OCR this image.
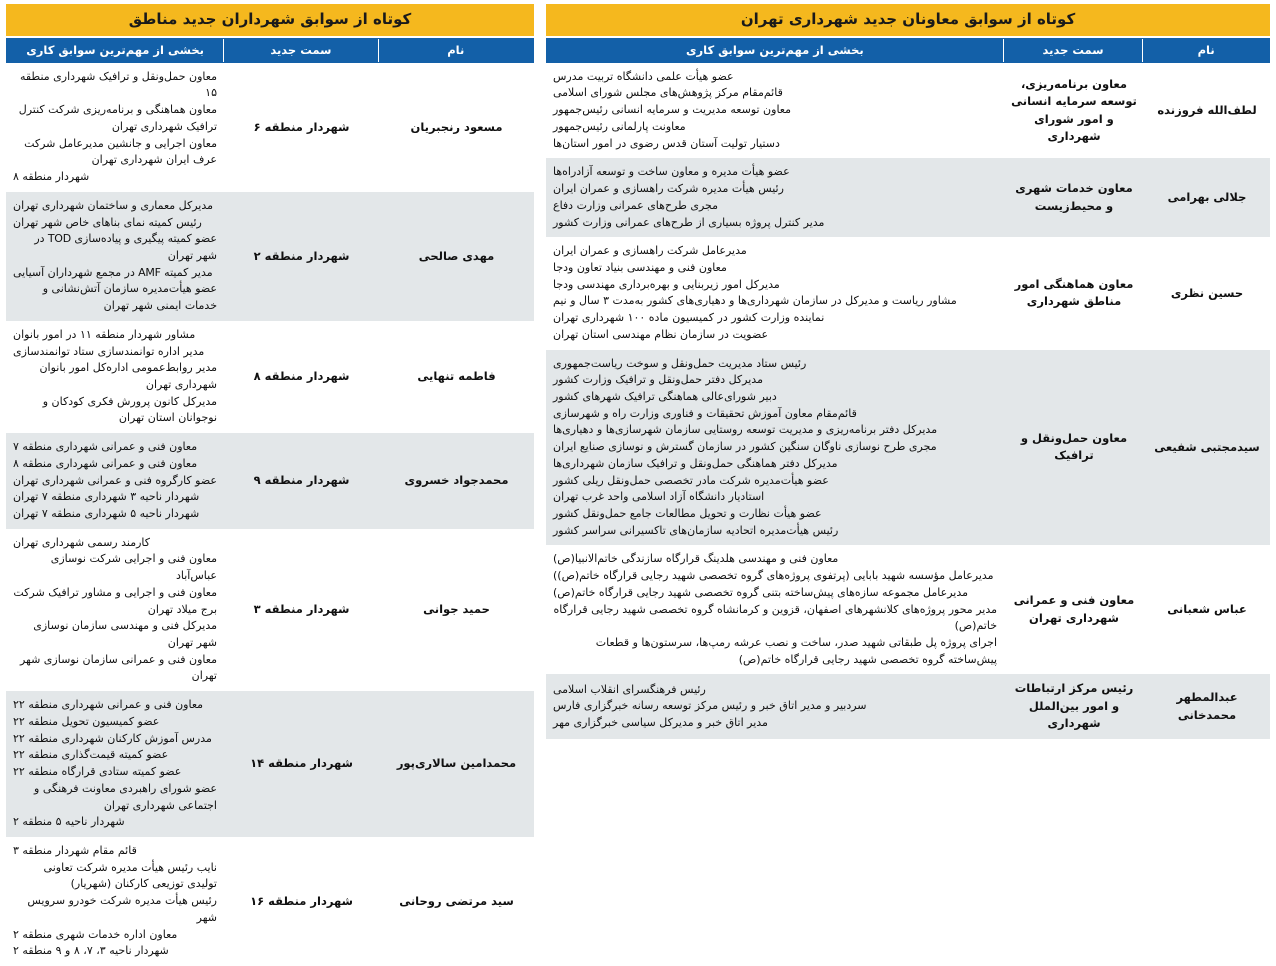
کوتاه از سوابق معاونان جدید شهرداری تهران
نام
سمت جدید
بخشی از مهم‌ترین سوابق کاری
لطف‌الله فروزنده
معاون برنامه‌ریزی، توسعه سرمایه انسانی و امور شورای شهرداری
عضو هیأت علمی دانشگاه تربیت مدرس
قائم‌مقام مرکز پژوهش‌های مجلس شورای اسلامی
معاون توسعه مدیریت و سرمایه انسانی رئیس‌جمهور
معاونت پارلمانی رئیس‌جمهور
دستیار تولیت آستان قدس رضوی در امور استان‌ها
جلالی بهرامی
معاون خدمات شهری و محیط‌زیست
عضو هیأت مدیره و معاون ساخت و توسعه آزادراه‌ها
رئیس هیأت مدیره شرکت راهسازی و عمران ایران
مجری طرح‌های عمرانی وزارت دفاع
مدیر کنترل پروژه بسیاری از طرح‌های عمرانی وزارت کشور
حسین نظری
معاون هماهنگی امور مناطق شهرداری
مدیرعامل شرکت راهسازی و عمران ایران
معاون فنی و مهندسی بنیاد تعاون ودجا
مدیرکل امور زیربنایی و بهره‌برداری مهندسی ودجا
مشاور ریاست و مدیرکل در سازمان شهرداری‌ها و دهیاری‌های کشور به‌مدت ۳ سال و نیم
نماینده وزارت کشور در کمیسیون ماده ۱۰۰ شهرداری تهران
عضویت در سازمان نظام مهندسی استان تهران
سیدمجتبی شفیعی
معاون حمل‌ونقل و ترافیک
رئیس ستاد مدیریت حمل‌ونقل و سوخت ریاست‌جمهوری
مدیرکل دفتر حمل‌ونقل و ترافیک وزارت کشور
دبیر شورای‌عالی هماهنگی ترافیک شهرهای کشور
قائم‌مقام معاون آموزش تحقیقات و فناوری وزارت راه و شهرسازی
مدیرکل دفتر برنامه‌ریزی و مدیریت توسعه روستایی سازمان شهرسازی‌ها و دهیاری‌ها
مجری طرح نوسازی ناوگان سنگین کشور در سازمان گسترش و نوسازی صنایع ایران
مدیرکل دفتر هماهنگی حمل‌ونقل و ترافیک سازمان شهرداری‌ها
عضو هیأت‌مدیره شرکت مادر تخصصی حمل‌ونقل ریلی کشور
استادیار دانشگاه آزاد اسلامی واحد غرب تهران
عضو هیأت نظارت و تحویل مطالعات جامع حمل‌ونقل کشور
رئیس هیأت‌مدیره اتحادیه سازمان‌های تاکسیرانی سراسر کشور
عباس شعبانی
معاون فنی و عمرانی شهرداری تهران
معاون فنی و مهندسی هلدینگ قرارگاه سازندگی خاتم‌الانبیا(ص)
مدیرعامل مؤسسه شهید بابایی (پرتفوی پروژه‌های گروه تخصصی شهید رجایی قرارگاه خاتم(ص))
مدیرعامل مجموعه سازه‌های پیش‌ساخته بتنی گروه تخصصی شهید رجایی قرارگاه خاتم(ص)
مدیر محور پروژه‌های کلانشهرهای اصفهان، قزوین و کرمانشاه گروه تخصصی شهید رجایی قرارگاه خاتم(ص)
اجرای پروژه پل طبقاتی شهید صدر، ساخت و نصب عرشه رمپ‌ها، سرستون‌ها و قطعات پیش‌ساخته گروه تخصصی شهید رجایی قرارگاه خاتم(ص)
عبدالمطهر محمدخانی
رئیس مرکز ارتباطات و امور بین‌الملل شهرداری
رئیس فرهنگسرای انقلاب اسلامی
سردبیر و مدیر اتاق خبر و رئیس مرکز توسعه رسانه خبرگزاری فارس
مدیر اتاق خبر و مدیرکل سیاسی خبرگزاری مهر
کوتاه از سوابق شهرداران جدید مناطق
نام
سمت جدید
بخشی از مهم‌ترین سوابق کاری
مسعود رنجبریان
شهردار منطقه ۶
معاون حمل‌ونقل و ترافیک شهرداری منطقه ۱۵
معاون هماهنگی و برنامه‌ریزی شرکت کنترل ترافیک شهرداری تهران
معاون اجرایی و جانشین مدیرعامل شرکت عرف ایران شهرداری تهران
شهردار منطقه ۸
مهدی صالحی
شهردار منطقه ۲
مدیرکل معماری و ساختمان شهرداری تهران
رئیس کمیته نمای بناهای خاص شهر تهران
عضو کمیته پیگیری و پیاده‌سازی TOD در شهر تهران
مدیر کمیته AMF در مجمع شهرداران آسیایی
عضو هیأت‌مدیره سازمان آتش‌نشانی و خدمات ایمنی شهر تهران
فاطمه تنهایی
شهردار منطقه ۸
مشاور شهردار منطقه ۱۱ در امور بانوان
مدیر اداره توانمندسازی ستاد توانمندسازی
مدیر روابط‌عمومی اداره‌کل امور بانوان شهرداری تهران
مدیرکل کانون پرورش فکری کودکان و نوجوانان استان تهران
محمدجواد خسروی
شهردار منطقه ۹
معاون فنی و عمرانی شهرداری منطقه ۷
معاون فنی و عمرانی شهرداری منطقه ۸
عضو کارگروه فنی و عمرانی شهرداری تهران
شهردار ناحیه ۳ شهرداری منطقه ۷ تهران
شهردار ناحیه ۵ شهرداری منطقه ۷ تهران
حمید جوانی
شهردار منطقه ۳
کارمند رسمی شهرداری تهران
معاون فنی و اجرایی شرکت نوسازی عباس‌آباد
معاون فنی و اجرایی و مشاور ترافیک شرکت برج میلاد تهران
مدیرکل فنی و مهندسی سازمان نوسازی شهر تهران
معاون فنی و عمرانی سازمان نوسازی شهر تهران
محمدامین سالاری‌پور
شهردار منطقه ۱۴
معاون فنی و عمرانی شهرداری منطقه ۲۲
عضو کمیسیون تحویل منطقه ۲۲
مدرس آموزش کارکنان شهرداری منطقه ۲۲
عضو کمیته قیمت‌گذاری منطقه ۲۲
عضو کمیته ستادی قرارگاه منطقه ۲۲
عضو شورای راهبردی معاونت فرهنگی و اجتماعی شهرداری تهران
شهردار ناحیه ۵ منطقه ۲
سید مرتضی روحانی
شهردار منطقه ۱۶
قائم مقام شهردار منطقه ۳
نایب رئیس هیأت مدیره شرکت تعاونی تولیدی توزیعی کارکنان (شهریار)
رئیس هیأت مدیره شرکت خودرو سرویس شهر
معاون اداره خدمات شهری منطقه ۲
شهردار ناحیه ۳، ۷، ۸ و ۹ منطقه ۲
